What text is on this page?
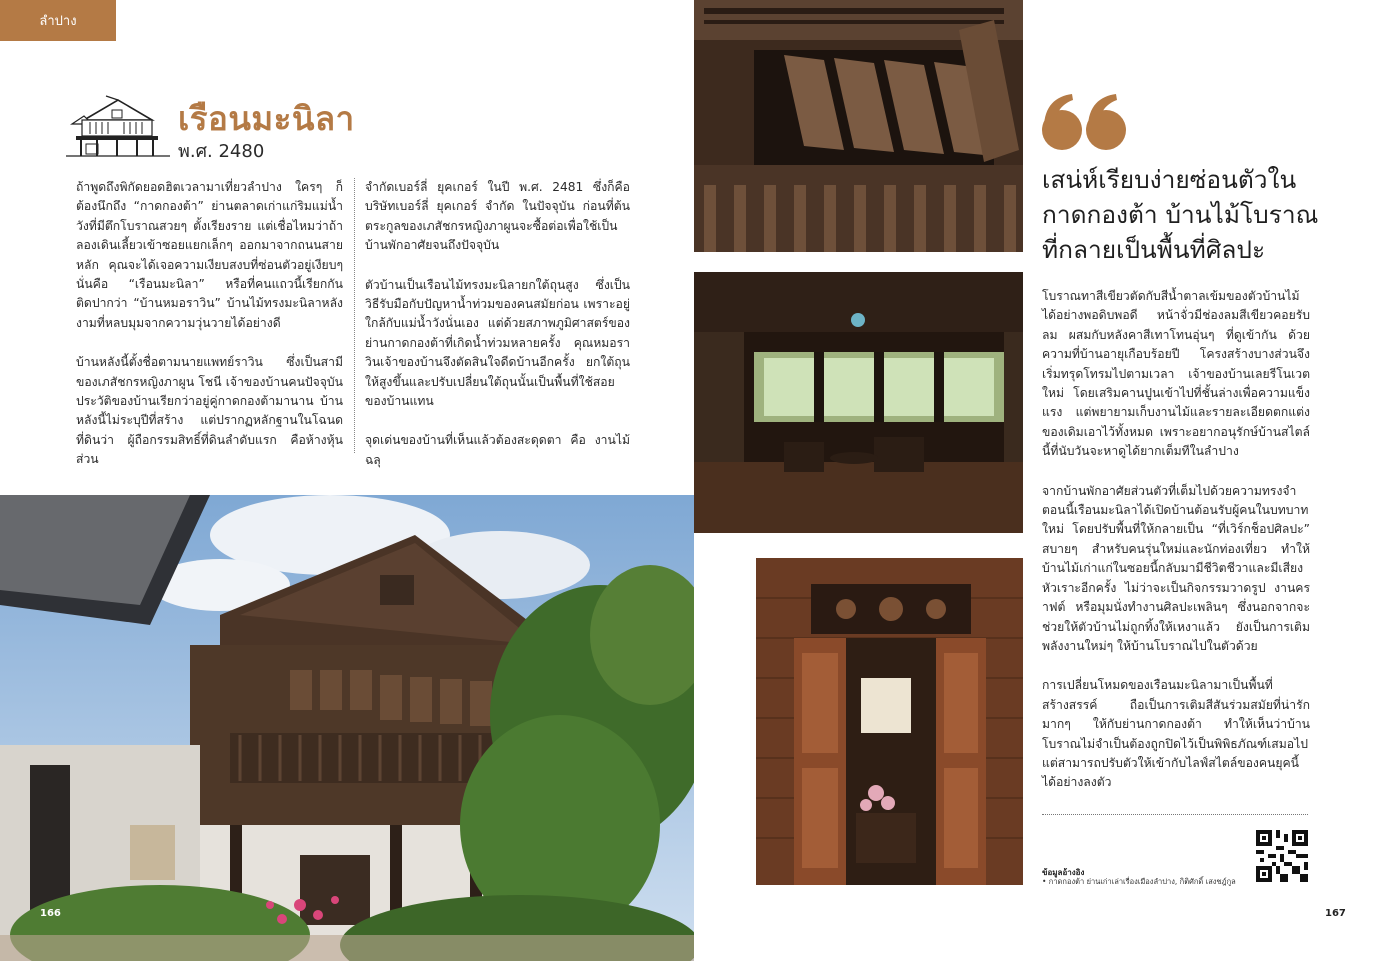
ลำปาง
เรือนมะนิลา
พ.ศ. 2480

ถ้าพูดถึงพิกัดยอดฮิตเวลามาเที่ยวลำปาง ใครๆ ก็ต้องนึกถึง “กาดกองต้า” ย่านตลาดเก่าแก่ริมแม่น้ำวังที่มีตึกโบราณสวยๆ ตั้งเรียงราย แต่เชื่อไหมว่าถ้าลองเดินเลี้ยวเข้าซอยแยกเล็กๆ ออกมาจากถนนสายหลัก คุณจะได้เจอความเงียบสงบที่ซ่อนตัวอยู่เงียบๆ นั่นคือ “เรือนมะนิลา” หรือที่คนแถวนี้เรียกกันติดปากว่า “บ้านหมอราวิน” บ้านไม้ทรงมะนิลาหลังงามที่หลบมุมจากความวุ่นวายได้อย่างดี

บ้านหลังนี้ตั้งชื่อตามนายแพทย์ราวิน ซึ่งเป็นสามีของเภสัชกรหญิงภาผูน โชนี เจ้าของบ้านคนปัจจุบัน ประวัติของบ้านเรียกว่าอยู่คู่กาดกองต้ามานาน บ้านหลังนี้ไม่ระบุปีที่สร้าง แต่ปรากฏหลักฐานในโฉนดที่ดินว่า ผู้ถือกรรมสิทธิ์ที่ดินลำดับแรก คือห้างหุ้นส่วน

จำกัดเบอร์ลี่ ยุคเกอร์ ในปี พ.ศ. 2481 ซึ่งก็คือบริษัทเบอร์ลี่ ยุคเกอร์ จำกัด ในปัจจุบัน ก่อนที่ต้นตระกูลของเภสัชกรหญิงภาผูนจะซื้อต่อเพื่อใช้เป็นบ้านพักอาศัยจนถึงปัจจุบัน

ตัวบ้านเป็นเรือนไม้ทรงมะนิลายกใต้ถุนสูง ซึ่งเป็นวิธีรับมือกับปัญหาน้ำท่วมของคนสมัยก่อน เพราะอยู่ใกล้กับแม่น้ำวังนั่นเอง แต่ด้วยสภาพภูมิศาสตร์ของย่านกาดกองต้าที่เกิดน้ำท่วมหลายครั้ง คุณหมอราวินเจ้าของบ้านจึงตัดสินใจดีดบ้านอีกครั้ง ยกใต้ถุนให้สูงขึ้นและปรับเปลี่ยนใต้ถุนนั้นเป็นพื้นที่ใช้สอยของบ้านแทน

จุดเด่นของบ้านที่เห็นแล้วต้องสะดุดตา คือ งานไม้ฉลุ

เสน่ห์เรียบง่ายซ่อนตัวใน
กาดกองต้า บ้านไม้โบราณ
ที่กลายเป็นพื้นที่ศิลปะ

โบราณทาสีเขียวตัดกับสีน้ำตาลเข้มของตัวบ้านไม้ได้อย่างพอดิบพอดี หน้าจั่วมีช่องลมสีเขียวคอยรับลม ผสมกับหลังคาสีเทาโทนอุ่นๆ ที่ดูเข้ากัน ด้วยความที่บ้านอายุเกือบร้อยปี โครงสร้างบางส่วนจึงเริ่มทรุดโทรมไปตามเวลา เจ้าของบ้านเลยรีโนเวตใหม่ โดยเสริมคานปูนเข้าไปที่ชั้นล่างเพื่อความแข็งแรง แต่พยายามเก็บงานไม้และรายละเอียดตกแต่งของเดิมเอาไว้ทั้งหมด เพราะอยากอนุรักษ์บ้านสไตล์นี้ที่นับวันจะหาดูได้ยากเต็มทีในลำปาง

จากบ้านพักอาศัยส่วนตัวที่เต็มไปด้วยความทรงจำ ตอนนี้เรือนมะนิลาได้เปิดบ้านต้อนรับผู้คนในบทบาทใหม่ โดยปรับพื้นที่ให้กลายเป็น “ที่เวิร์กช็อปศิลปะ” สบายๆ สำหรับคนรุ่นใหม่และนักท่องเที่ยว ทำให้บ้านไม้เก่าแก่ในซอยนี้กลับมามีชีวิตชีวาและมีเสียงหัวเราะอีกครั้ง ไม่ว่าจะเป็นกิจกรรมวาดรูป งานคราฟต์ หรือมุมนั่งทำงานศิลปะเพลินๆ ซึ่งนอกจากจะช่วยให้ตัวบ้านไม่ถูกทิ้งให้เหงาแล้ว ยังเป็นการเติมพลังงานใหม่ๆ ให้บ้านโบราณไปในตัวด้วย

การเปลี่ยนโหมดของเรือนมะนิลามาเป็นพื้นที่สร้างสรรค์ ถือเป็นการเติมสีสันร่วมสมัยที่น่ารักมากๆ ให้กับย่านกาดกองต้า ทำให้เห็นว่าบ้านโบราณไม่จำเป็นต้องถูกปิดไว้เป็นพิพิธภัณฑ์เสมอไป แต่สามารถปรับตัวให้เข้ากับไลฟ์สไตล์ของคนยุคนี้ได้อย่างลงตัว

ข้อมูลอ้างอิง
• กาดกองต้า ย่านเก่าเล่าเรื่องเมืองลำปาง, กิติศักดิ์ เสงชฎ์กูล
166	167
